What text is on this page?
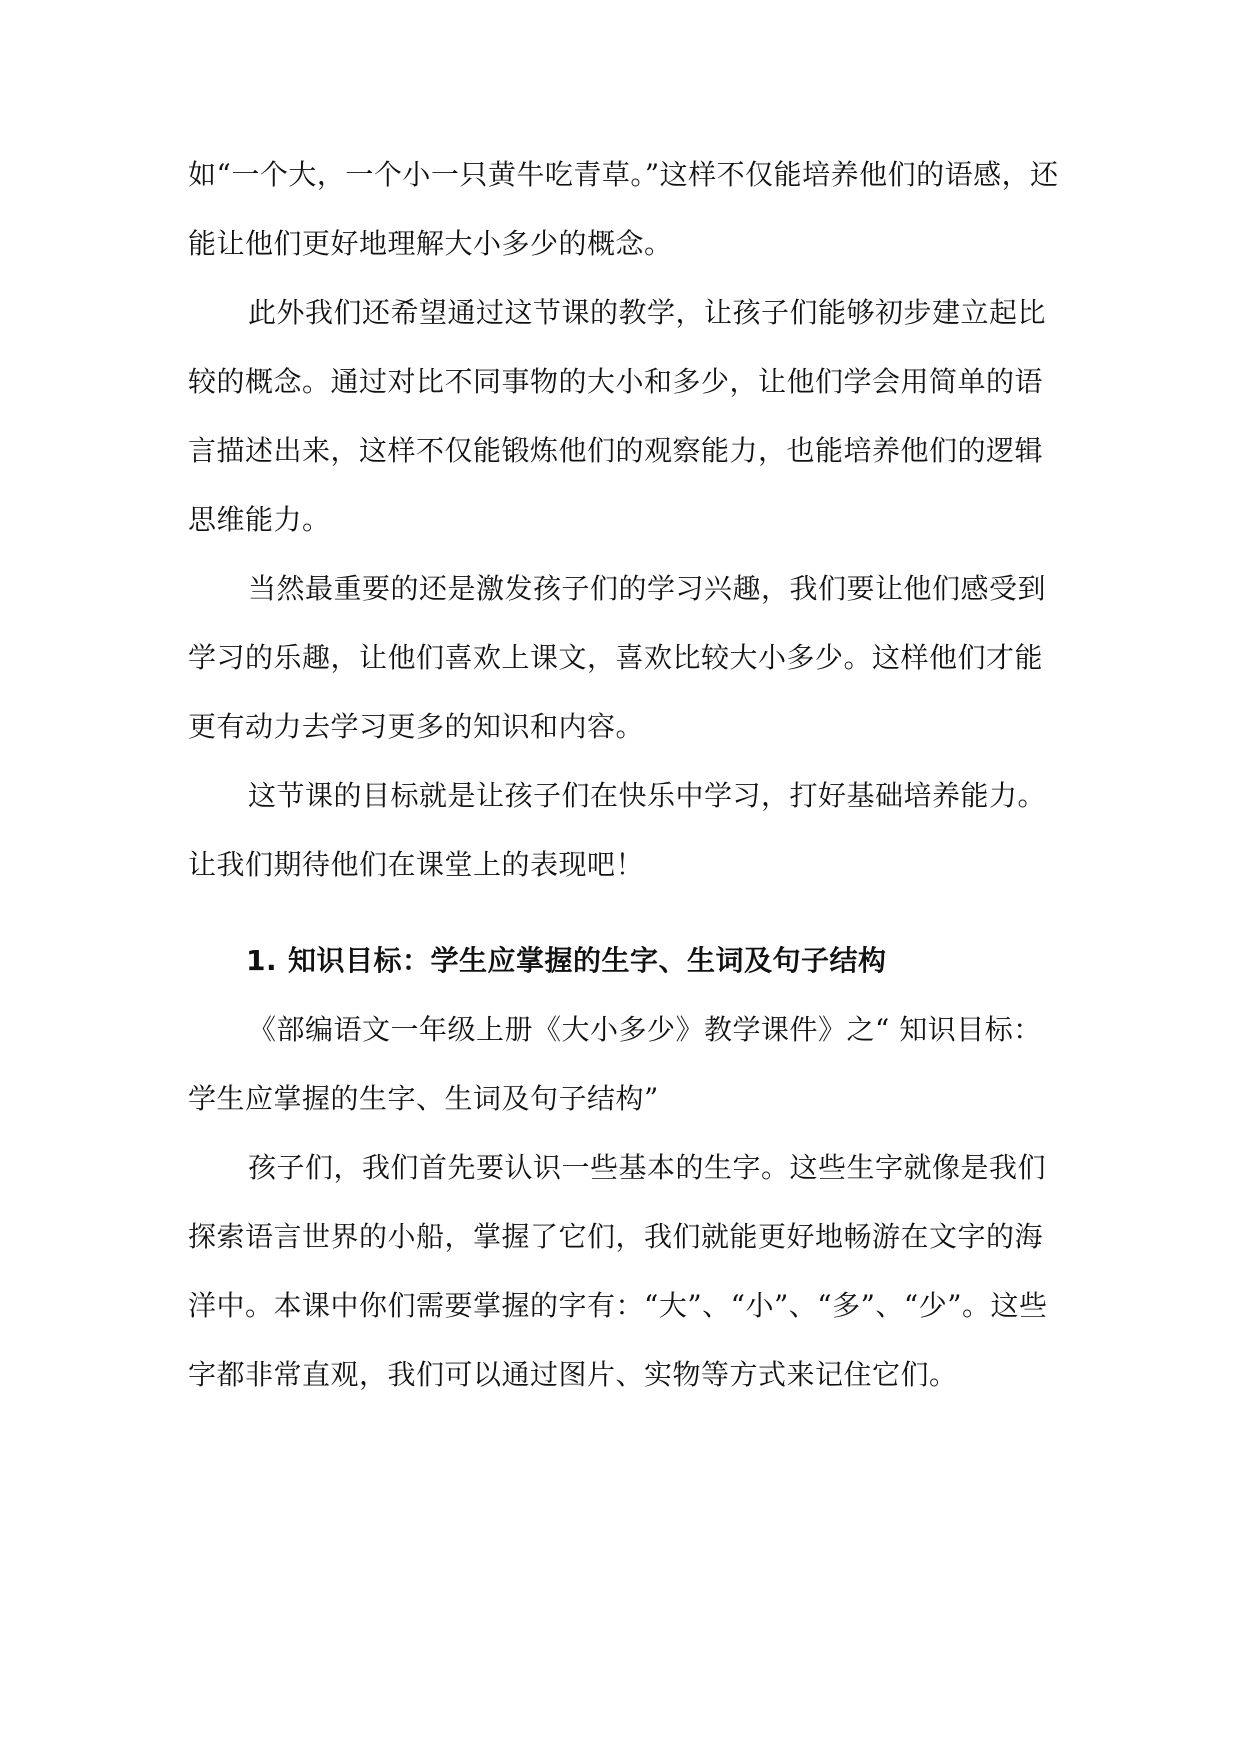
如“一个大，一个小一只黄牛吃青草。”这样不仅能培养他们的语感，还能让他们更好地理解大小多少的概念。

此外我们还希望通过这节课的教学，让孩子们能够初步建立起比较的概念。通过对比不同事物的大小和多少，让他们学会用简单的语言描述出来，这样不仅能锻炼他们的观察能力，也能培养他们的逻辑思维能力。

当然最重要的还是激发孩子们的学习兴趣，我们要让他们感受到学习的乐趣，让他们喜欢上课文，喜欢比较大小多少。这样他们才能更有动力去学习更多的知识和内容。

这节课的目标就是让孩子们在快乐中学习，打好基础培养能力。让我们期待他们在课堂上的表现吧！

1. 知识目标：学生应掌握的生字、生词及句子结构

《部编语文一年级上册《大小多少》教学课件》之“ 知识目标：学生应掌握的生字、生词及句子结构”

孩子们，我们首先要认识一些基本的生字。这些生字就像是我们探索语言世界的小船，掌握了它们，我们就能更好地畅游在文字的海洋中。本课中你们需要掌握的字有：“大”、“小”、“多”、“少”。这些字都非常直观，我们可以通过图片、实物等方式来记住它们。
